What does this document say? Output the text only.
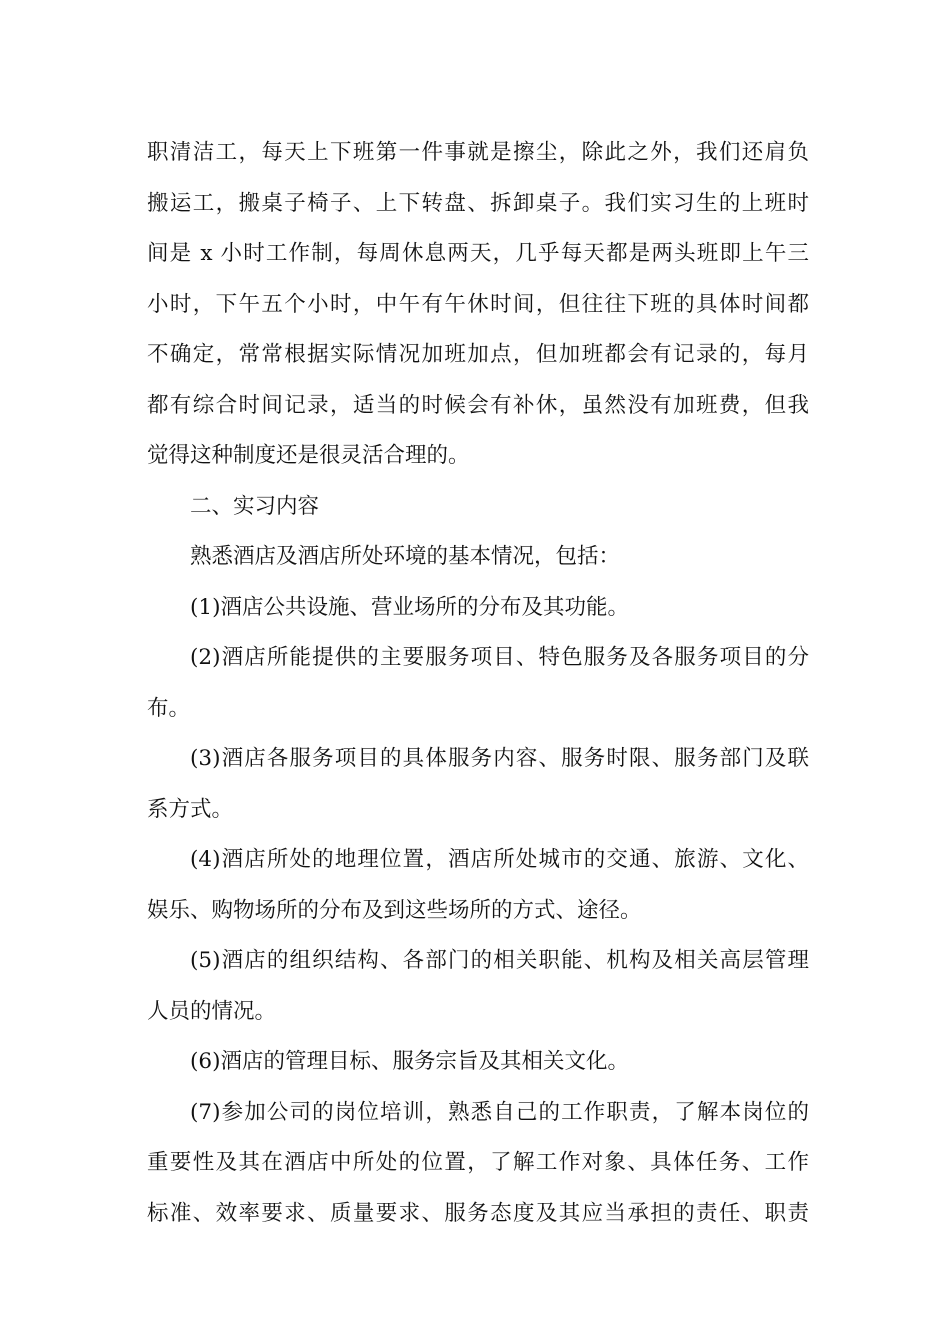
职清洁工，每天上下班第一件事就是擦尘，除此之外，我们还肩负
搬运工，搬桌子椅子、上下转盘、拆卸桌子。我们实习生的上班时
间是 x 小时工作制，每周休息两天，几乎每天都是两头班即上午三
小时，下午五个小时，中午有午休时间，但往往下班的具体时间都
不确定，常常根据实际情况加班加点，但加班都会有记录的，每月
都有综合时间记录，适当的时候会有补休，虽然没有加班费，但我
觉得这种制度还是很灵活合理的。
二、实习内容
熟悉酒店及酒店所处环境的基本情况，包括：
(1)酒店公共设施、营业场所的分布及其功能。
(2)酒店所能提供的主要服务项目、特色服务及各服务项目的分
布。
(3)酒店各服务项目的具体服务内容、服务时限、服务部门及联
系方式。
(4)酒店所处的地理位置，酒店所处城市的交通、旅游、文化、
娱乐、购物场所的分布及到这些场所的方式、途径。
(5)酒店的组织结构、各部门的相关职能、机构及相关高层管理
人员的情况。
(6)酒店的管理目标、服务宗旨及其相关文化。
(7)参加公司的岗位培训，熟悉自己的工作职责，了解本岗位的
重要性及其在酒店中所处的位置，了解工作对象、具体任务、工作
标准、效率要求、质量要求、服务态度及其应当承担的责任、职责
